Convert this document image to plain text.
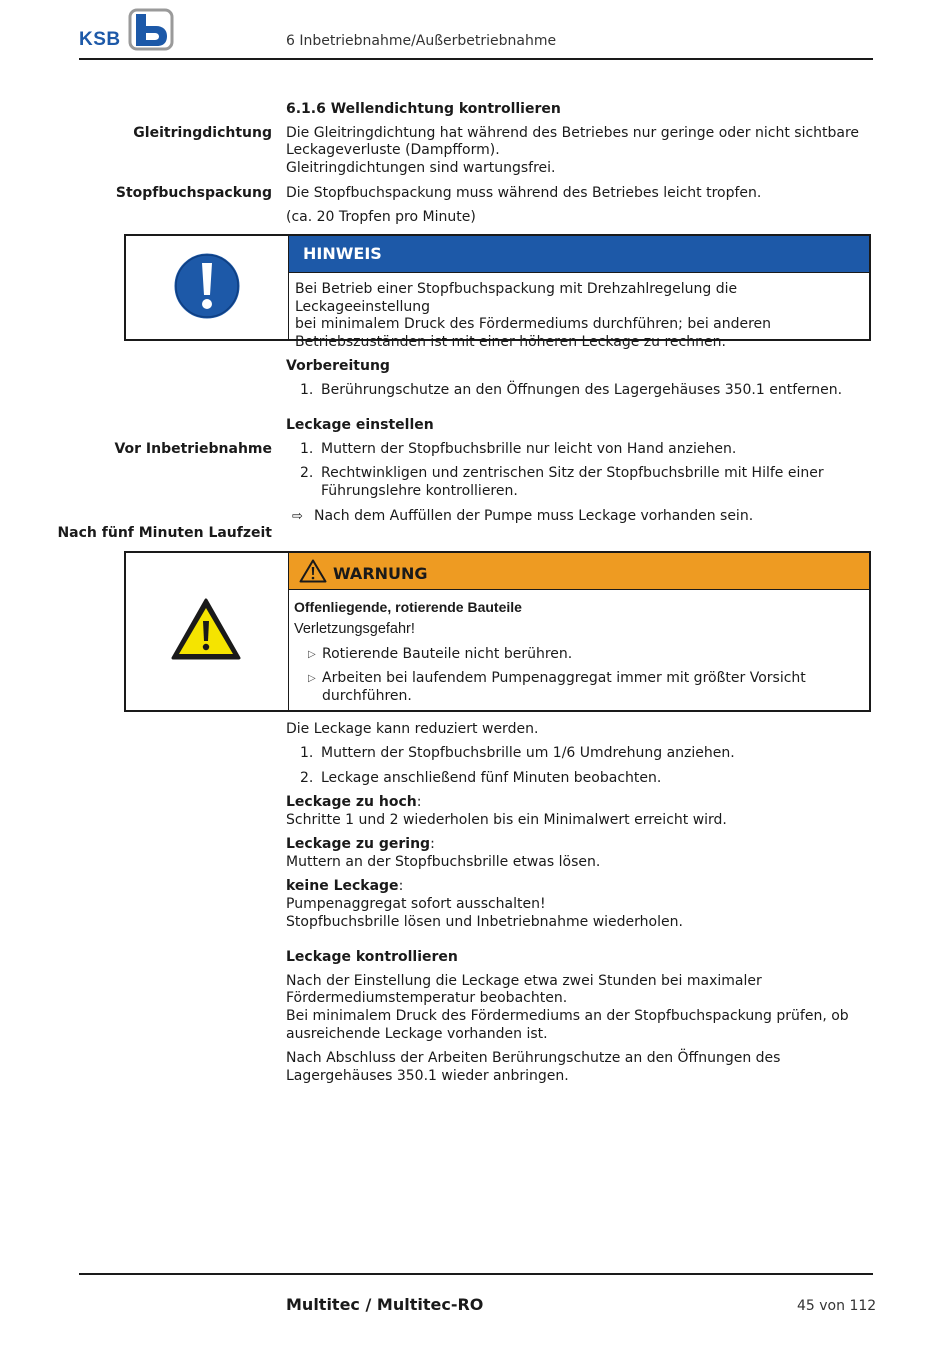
KSB	6 Inbetriebnahme/Außerbetriebnahme
6.1.6 Wellendichtung kontrollieren
Gleitringdichtung Die Gleitringdichtung hat während des Betriebes nur geringe oder nicht sichtbare
Leckageverluste (Dampfform).
Gleitringdichtungen sind wartungsfrei.
Stopfbuchspackung Die Stopfbuchspackung muss während des Betriebes leicht tropfen.
(ca. 20 Tropfen pro Minute)
HINWEIS
Bei Betrieb einer Stopfbuchspackung mit Drehzahlregelung die Leckageeinstellung
bei minimalem Druck des Fördermediums durchführen; bei anderen
Betriebszuständen ist mit einer höheren Leckage zu rechnen.
Vorbereitung
1. Berührungschutze an den Öffnungen des Lagergehäuses 350.1 entfernen.
Leckage einstellen
Vor Inbetriebnahme 1. Muttern der Stopfbuchsbrille nur leicht von Hand anziehen.
2. Rechtwinkligen und zentrischen Sitz der Stopfbuchsbrille mit Hilfe einer
Führungslehre kontrollieren.
⇨ Nach dem Auffüllen der Pumpe muss Leckage vorhanden sein.
Nach fünf Minuten Laufzeit
WARNUNG
Offenliegende, rotierende Bauteile
Verletzungsgefahr!
▷ Rotierende Bauteile nicht berühren.
▷ Arbeiten bei laufendem Pumpenaggregat immer mit größter Vorsicht
durchführen.
Die Leckage kann reduziert werden.
1. Muttern der Stopfbuchsbrille um 1/6 Umdrehung anziehen.
2. Leckage anschließend fünf Minuten beobachten.
Leckage zu hoch:
Schritte 1 und 2 wiederholen bis ein Minimalwert erreicht wird.
Leckage zu gering:
Muttern an der Stopfbuchsbrille etwas lösen.
keine Leckage:
Pumpenaggregat sofort ausschalten!
Stopfbuchsbrille lösen und Inbetriebnahme wiederholen.
Leckage kontrollieren
Nach der Einstellung die Leckage etwa zwei Stunden bei maximaler
Fördermediumstemperatur beobachten.
Bei minimalem Druck des Fördermediums an der Stopfbuchspackung prüfen, ob
ausreichende Leckage vorhanden ist.
Nach Abschluss der Arbeiten Berührungschutze an den Öffnungen des
Lagergehäuses 350.1 wieder anbringen.
Multitec / Multitec-RO	45 von 112
